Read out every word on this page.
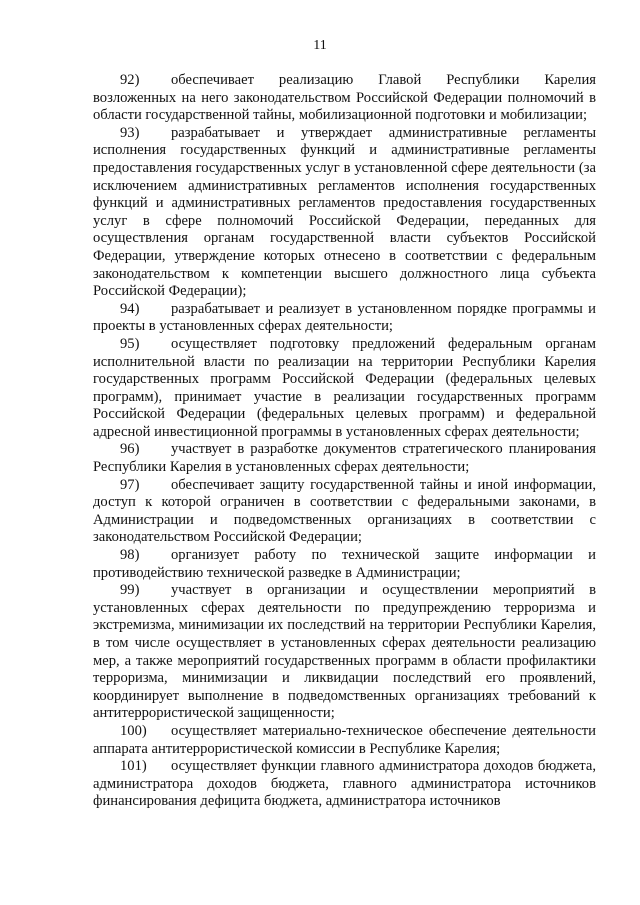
11

92) обеспечивает реализацию Главой Республики Карелия возложенных на него законодательством Российской Федерации полномочий в области государственной тайны, мобилизационной подготовки и мобилизации;

93) разрабатывает и утверждает административные регламенты исполнения государственных функций и административные регламенты предоставления государственных услуг в установленной сфере деятельности (за исключением административных регламентов исполнения государственных функций и административных регламентов предоставления государственных услуг в сфере полномочий Российской Федерации, переданных для осуществления органам государственной власти субъектов Российской Федерации, утверждение которых отнесено в соответствии с федеральным законодательством к компетенции высшего должностного лица субъекта Российской Федерации);

94) разрабатывает и реализует в установленном порядке программы и проекты в установленных сферах деятельности;

95) осуществляет подготовку предложений федеральным органам исполнительной власти по реализации на территории Республики Карелия государственных программ Российской Федерации (федеральных целевых программ), принимает участие в реализации государственных программ Российской Федерации (федеральных целевых программ) и федеральной адресной инвестиционной программы в установленных сферах деятельности;

96) участвует в разработке документов стратегического планирования Республики Карелия в установленных сферах деятельности;

97) обеспечивает защиту государственной тайны и иной информации, доступ к которой ограничен в соответствии с федеральными законами, в Администрации и подведомственных организациях в соответствии с законодательством Российской Федерации;

98) организует работу по технической защите информации и противодействию технической разведке в Администрации;

99) участвует в организации и осуществлении мероприятий в установленных сферах деятельности по предупреждению терроризма и экстремизма, минимизации их последствий на территории Республики Карелия, в том числе осуществляет в установленных сферах деятельности реализацию мер, а также мероприятий государственных программ в области профилактики терроризма, минимизации и ликвидации последствий его проявлений, координирует выполнение в подведомственных организациях требований к антитеррористической защищенности;

100) осуществляет материально-техническое обеспечение деятельности аппарата антитеррористической комиссии в Республике Карелия;

101) осуществляет функции главного администратора доходов бюджета, администратора доходов бюджета, главного администратора источников финансирования дефицита бюджета, администратора источников
